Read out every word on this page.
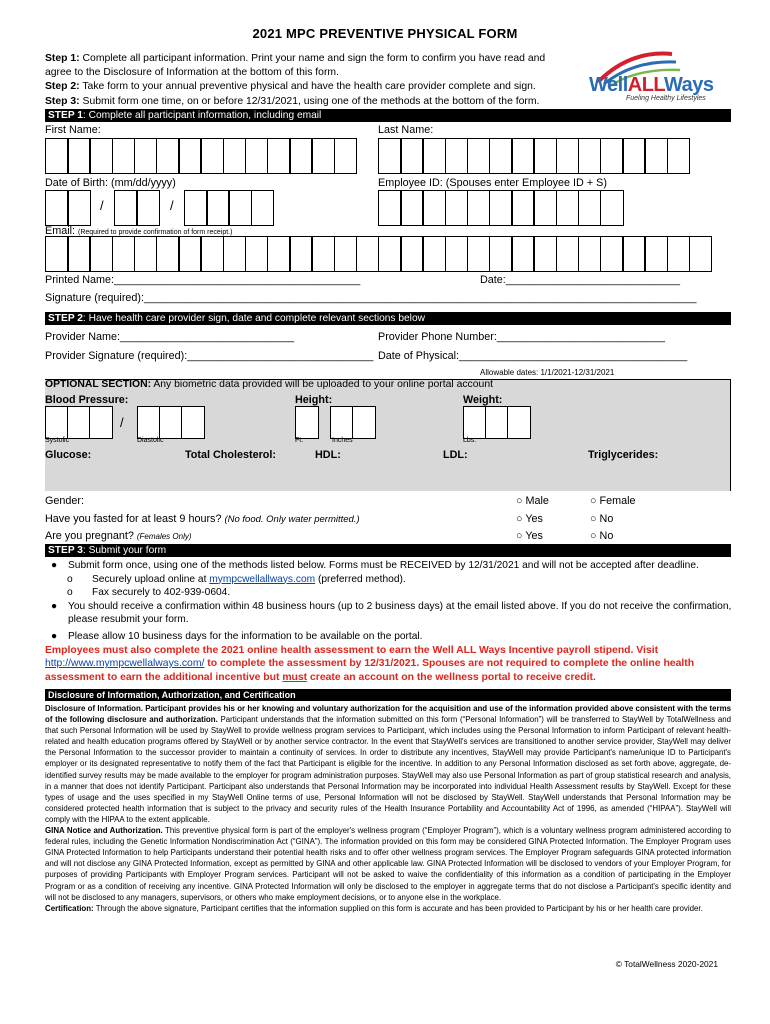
2021 MPC PREVENTIVE PHYSICAL FORM
Step 1: Complete all participant information. Print your name and sign the form to confirm you have read and agree to the Disclosure of Information at the bottom of this form.
Step 2: Take form to your annual preventive physical and have the health care provider complete and sign.
Step 3: Submit form one time, on or before 12/31/2021, using one of the methods at the bottom of the form.
WellALLWays
Fueling Healthy Lifestyles
STEP 1: Complete all participant information, including email
First Name:	Last Name:
Date of Birth: (mm/dd/yyyy)	Employee ID: (Spouses enter Employee ID + S)
/	/
Email: (Required to provide confirmation of form receipt.)
Printed Name:_________________________________________	Date:_____________________________
Signature (required):____________________________________________________________________________________________
STEP 2: Have health care provider sign, date and complete relevant sections below
Provider Name:_____________________________	Provider Phone Number:____________________________
Provider Signature (required):_______________________________ Date of Physical:______________________________________
Allowable dates: 1/1/2021-12/31/2021
OPTIONAL SECTION: Any biometric data provided will be uploaded to your online portal account
Blood Pressure:	Height:	Weight:
/
Systolic	Diastolic	Ft.	Inches	Lbs.
Glucose:	Total Cholesterol:	HDL:	LDL:	Triglycerides:
Gender:	○ Male	○ Female
Have you fasted for at least 9 hours? (No food. Only water permitted.)	○ Yes	○ No
Are you pregnant? (Females Only)	○ Yes	○ No
STEP 3: Submit your form
● Submit form once, using one of the methods listed below. Forms must be RECEIVED by 12/31/2021 and will not be accepted after deadline.
o Securely upload online at mympcwellallways.com (preferred method).
o Fax securely to 402-939-0604.
● You should receive a confirmation within 48 business hours (up to 2 business days) at the email listed above. If you do not receive the confirmation, please resubmit your form.
● Please allow 10 business days for the information to be available on the portal.
Employees must also complete the 2021 online health assessment to earn the Well ALL Ways Incentive payroll stipend. Visit http://www.mympcwellalways.com/ to complete the assessment by 12/31/2021. Spouses are not required to complete the online health assessment to earn the additional incentive but must create an account on the wellness portal to receive credit.
Disclosure of Information, Authorization, and Certification

Disclosure of Information. Participant provides his or her knowing and voluntary authorization for the acquisition and use of the information provided above consistent with the terms of the following disclosure and authorization. Participant understands that the information submitted on this form (“Personal Information”) will be transferred to StayWell by TotalWellness and that such Personal Information will be used by StayWell to provide wellness program services to Participant, which includes using the Personal Information to inform Participant of relevant health-related and health education programs offered by StayWell or by another service contractor. In the event that StayWell's services are transitioned to another service provider, StayWell may deliver the Personal Information to the successor provider to maintain a continuity of services. In order to distribute any incentives, StayWell may provide Participant's name/unique ID to Participant's employer or its designated representative to notify them of the fact that Participant is eligible for the incentive. In addition to any Personal Information disclosed as set forth above, aggregate, de-identified survey results may be made available to the employer for program administration purposes. StayWell may also use Personal Information as part of group statistical research and analysis, in a manner that does not identify Participant. Participant also understands that Personal Information may be incorporated into individual Health Assessment results by StayWell. Except for these types of usage and the uses specified in my StayWell Online terms of use, Personal Information will not be disclosed by StayWell. StayWell understands that Personal Information may be considered protected health information that is subject to the privacy and security rules of the Health Insurance Portability and Accountability Act of 1996, as amended (“HIPAA”). StayWell will comply with the HIPAA to the extent applicable.

GINA Notice and Authorization. This preventive physical form is part of the employer's wellness program (“Employer Program”), which is a voluntary wellness program administered according to federal rules, including the Genetic Information Nondiscrimination Act (“GINA”). The information provided on this form may be considered GINA Protected Information. The Employer Program uses GINA Protected Information to help Participants understand their potential health risks and to offer other wellness program services. The Employer Program safeguards GINA protected information and will not disclose any GINA Protected Information, except as permitted by GINA and other applicable law. GINA Protected Information will be disclosed to vendors of your Employer Program, for purposes of providing Participants with Employer Program services. Participant will not be asked to waive the confidentiality of this information as a condition of participating in the Employer Program or as a condition of receiving any incentive. GINA Protected Information will only be disclosed to the employer in aggregate terms that do not disclose a Participant's specific identity and will not be disclosed to any managers, supervisors, or others who make employment decisions, or to anyone else in the workplace.

Certification: Through the above signature, Participant certifies that the information supplied on this form is accurate and has been provided to Participant by his or her health care provider.

© TotalWellness 2020-2021
